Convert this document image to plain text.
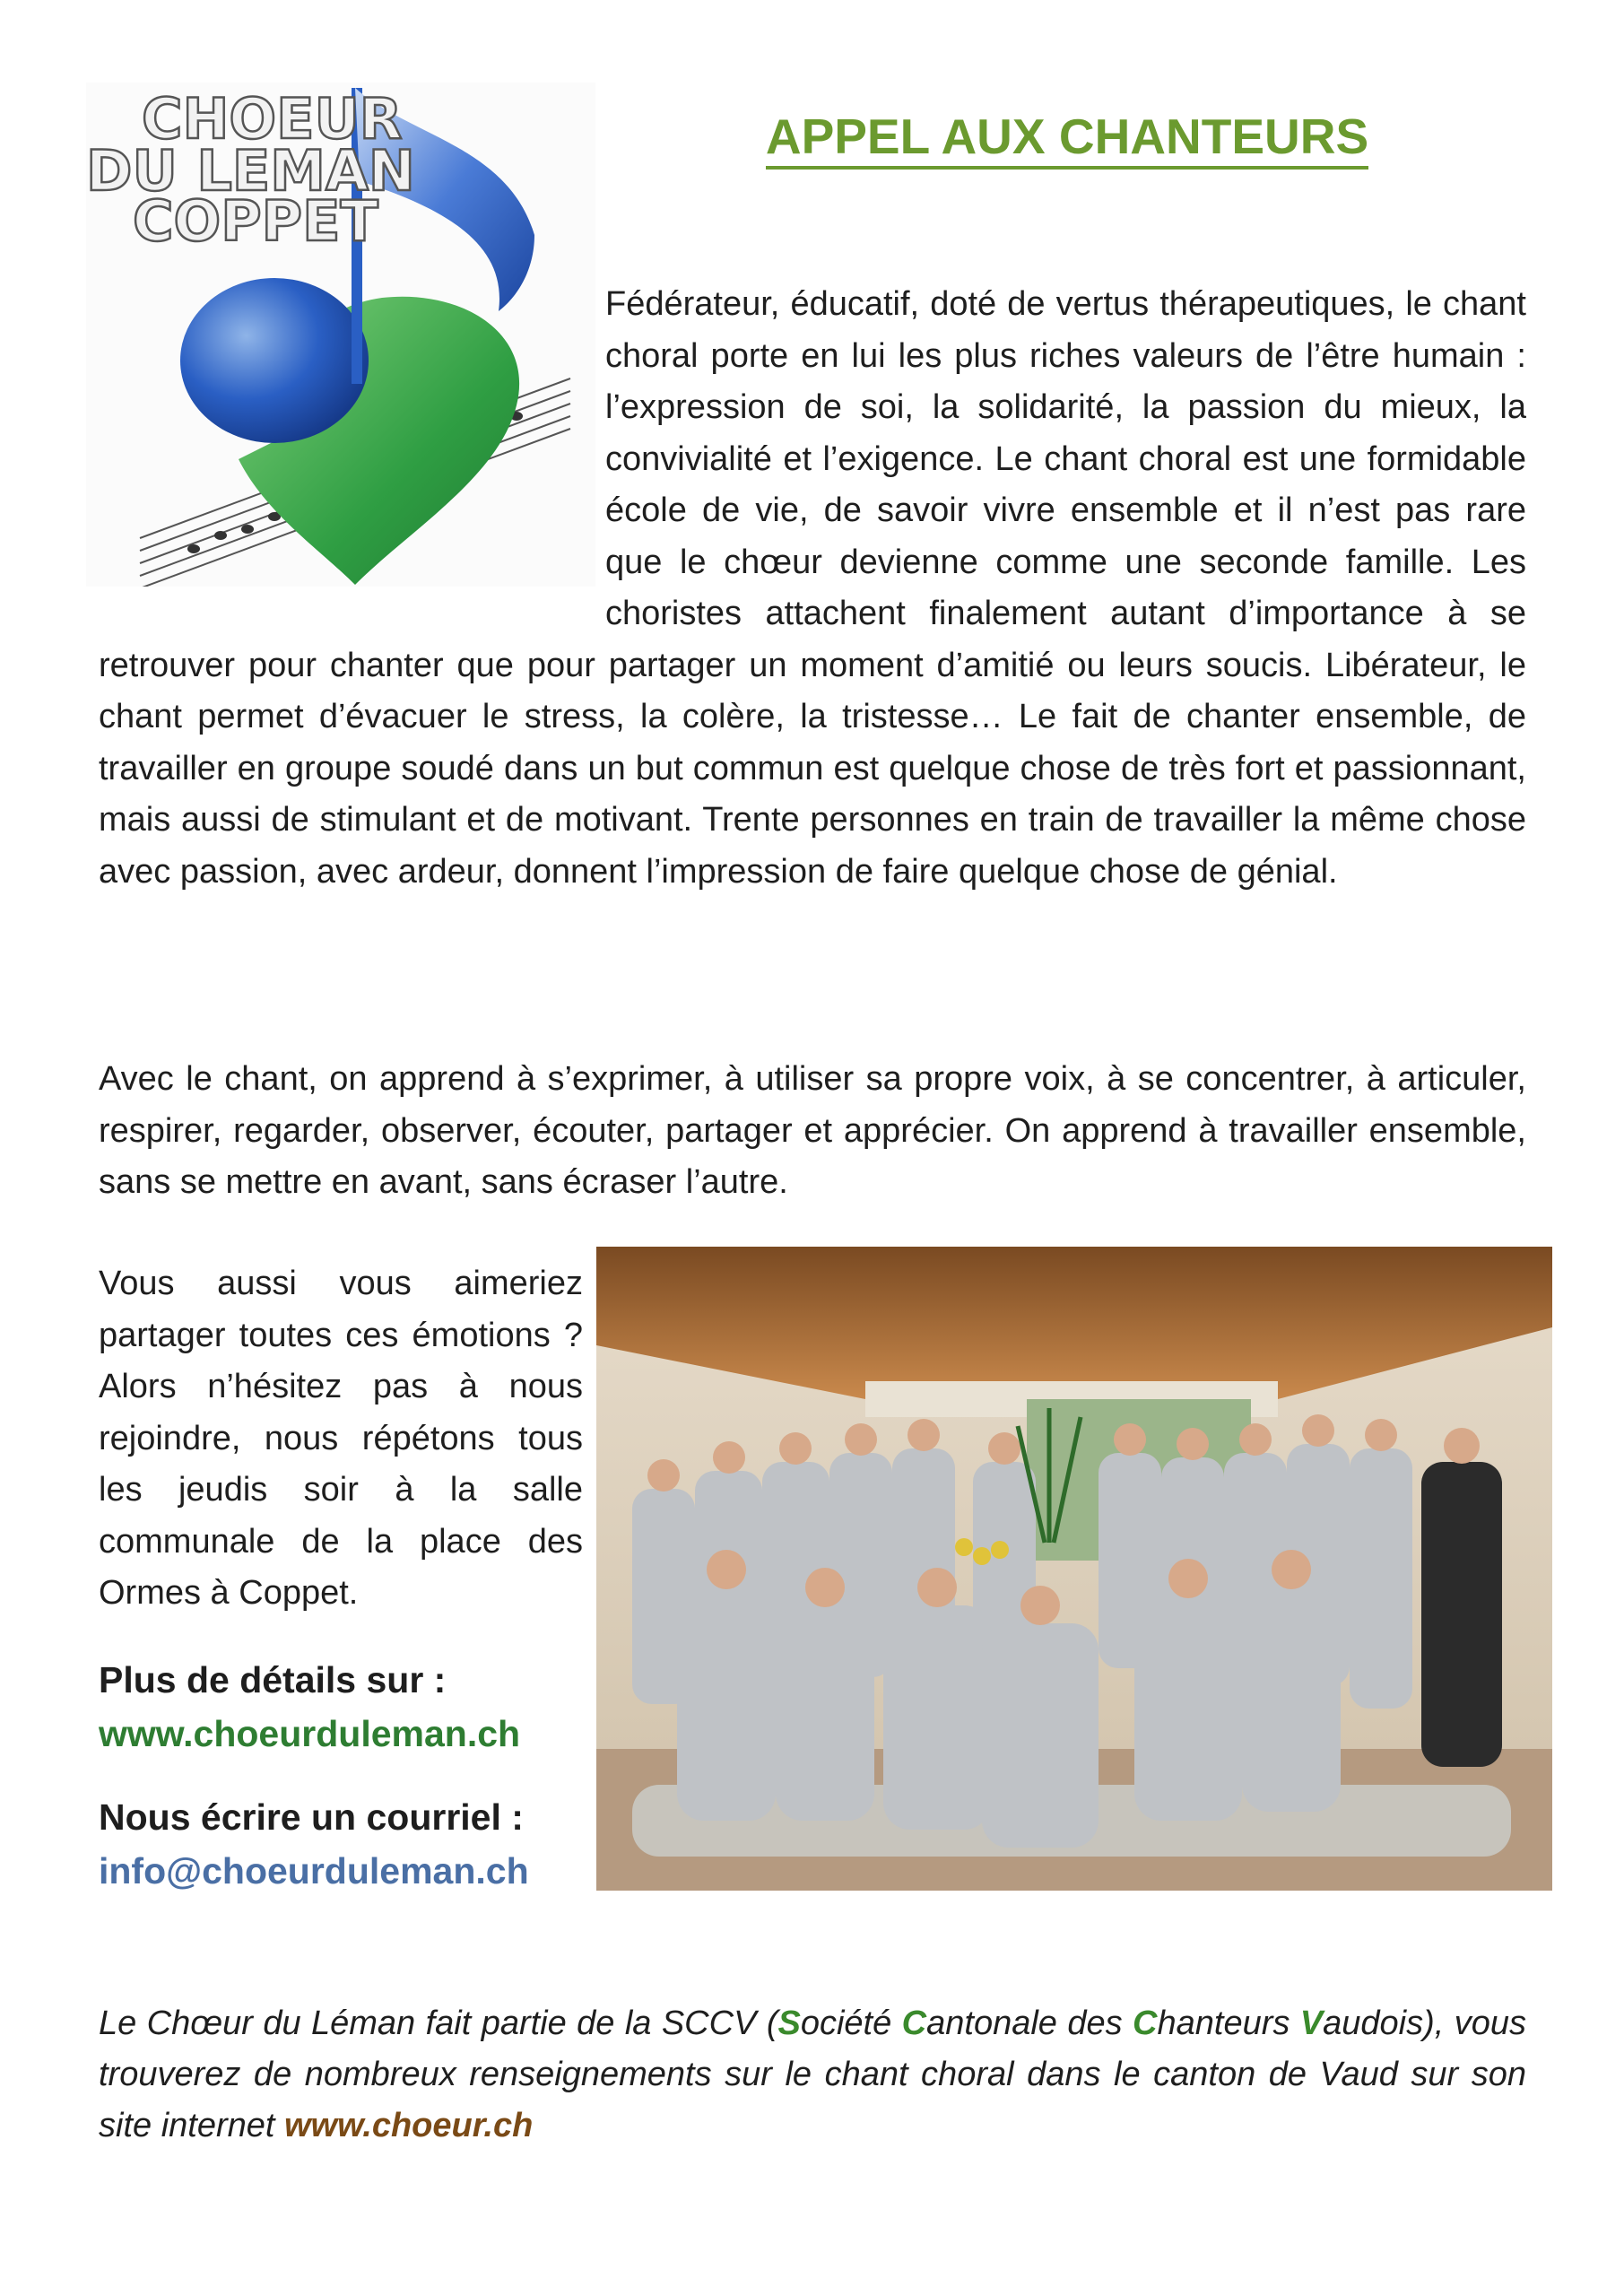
CHOEUR
DU LEMAN
COPPET
APPEL AUX CHANTEURS

Fédérateur, éducatif, doté de vertus thérapeutiques, le chant choral porte en lui les plus riches valeurs de l’être humain : l’expression de soi, la solidarité, la passion du mieux, la convivialité et l’exigence. Le chant choral est une formidable école de vie, de savoir vivre ensemble et il n’est pas rare que le chœur devienne comme une seconde famille. Les choristes attachent finalement autant d’importance à se retrouver pour chanter que pour partager un moment d’amitié ou leurs soucis. Libérateur, le chant permet d’évacuer le stress, la colère, la tristesse… Le fait de chanter ensemble, de travailler en groupe soudé dans un but commun est quelque chose de très fort et passionnant, mais aussi de stimulant et de motivant. Trente personnes en train de travailler la même chose avec passion, avec ardeur, donnent l’impression de faire quelque chose de génial.

Avec le chant, on apprend à s’exprimer, à utiliser sa propre voix, à se concentrer, à articuler, respirer, regarder, observer, écouter, partager et apprécier. On apprend à travailler ensemble, sans se mettre en avant, sans écraser l’autre.

Vous aussi vous aimeriez partager toutes ces émotions ? Alors n’hésitez pas à nous rejoindre, nous répétons tous les jeudis soir à la salle communale de la place des Ormes à Coppet.

Plus de détails sur :

www.choeurduleman.ch

Nous écrire un courriel :

info@choeurduleman.ch

Le Chœur du Léman fait partie de la SCCV (Société Cantonale des Chanteurs Vaudois), vous trouverez de nombreux renseignements sur le chant choral dans le canton de Vaud sur son site internet www.choeur.ch
